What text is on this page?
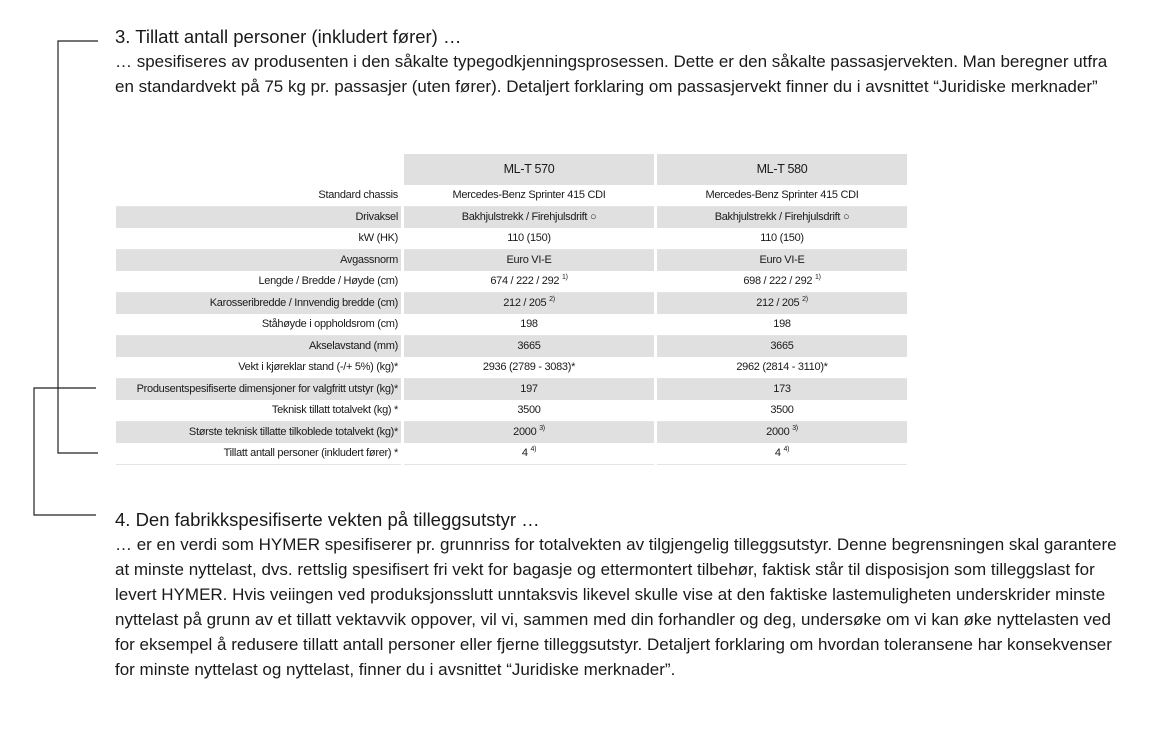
3. Tillatt antall personer (inkludert fører) …

… spesifiseres av produsenten i den såkalte typegodkjenningsprosessen. Dette er den såkalte passasjervekten. Man beregner utfra en standardvekt på 75 kg pr. passasjer (uten fører). Detaljert forklaring om passasjervekt finner du i avsnittet “Juridiske merknader”

	ML-T 570	ML-T 580
Standard chassis	Mercedes-Benz Sprinter 415 CDI	Mercedes-Benz Sprinter 415 CDI
Drivaksel	Bakhjulstrekk / Firehjulsdrift ○	Bakhjulstrekk / Firehjulsdrift ○
kW (HK)	110 (150)	110 (150)
Avgassnorm	Euro VI-E	Euro VI-E
Lengde / Bredde / Høyde (cm)	674 / 222 / 292 $^{1)}$	698 / 222 / 292 $^{1)}$
Karosseribredde / Innvendig bredde (cm)	212 / 205 $^{2)}$	212 / 205 $^{2)}$
Ståhøyde i oppholdsrom (cm)	198	198
Akselavstand (mm)	3665	3665
Vekt i kjøreklar stand (-/+ 5%) (kg)*	2936 (2789 - 3083)*	2962 (2814 - 3110)*
Produsentspesifiserte dimensjoner for valgfritt utstyr (kg)*	197	173
Teknisk tillatt totalvekt (kg) *	3500	3500
Største teknisk tillatte tilkoblede totalvekt (kg)*	2000 $^{3)}$	2000 $^{3)}$
Tillatt antall personer (inkludert fører) *	4 $^{4)}$	4 $^{4)}$

4. Den fabrikkspesifiserte vekten på tilleggsutstyr …

… er en verdi som HYMER spesifiserer pr. grunnriss for totalvekten av tilgjengelig tilleggsutstyr. Denne begrensningen skal garantere at minste nyttelast, dvs. rettslig spesifisert fri vekt for bagasje og ettermontert tilbehør, faktisk står til disposisjon som tilleggslast for levert HYMER. Hvis veiingen ved produksjonsslutt unntaksvis likevel skulle vise at den faktiske lastemuligheten underskrider minste nyttelast på grunn av et tillatt vektavvik oppover, vil vi, sammen med din forhandler og deg, undersøke om vi kan øke nyttelasten ved for eksempel å redusere tillatt antall personer eller fjerne tilleggsutstyr. Detaljert forklaring om hvordan toleransene har konsekvenser for minste nyttelast og nyttelast, finner du i avsnittet “Juridiske merknader”.
